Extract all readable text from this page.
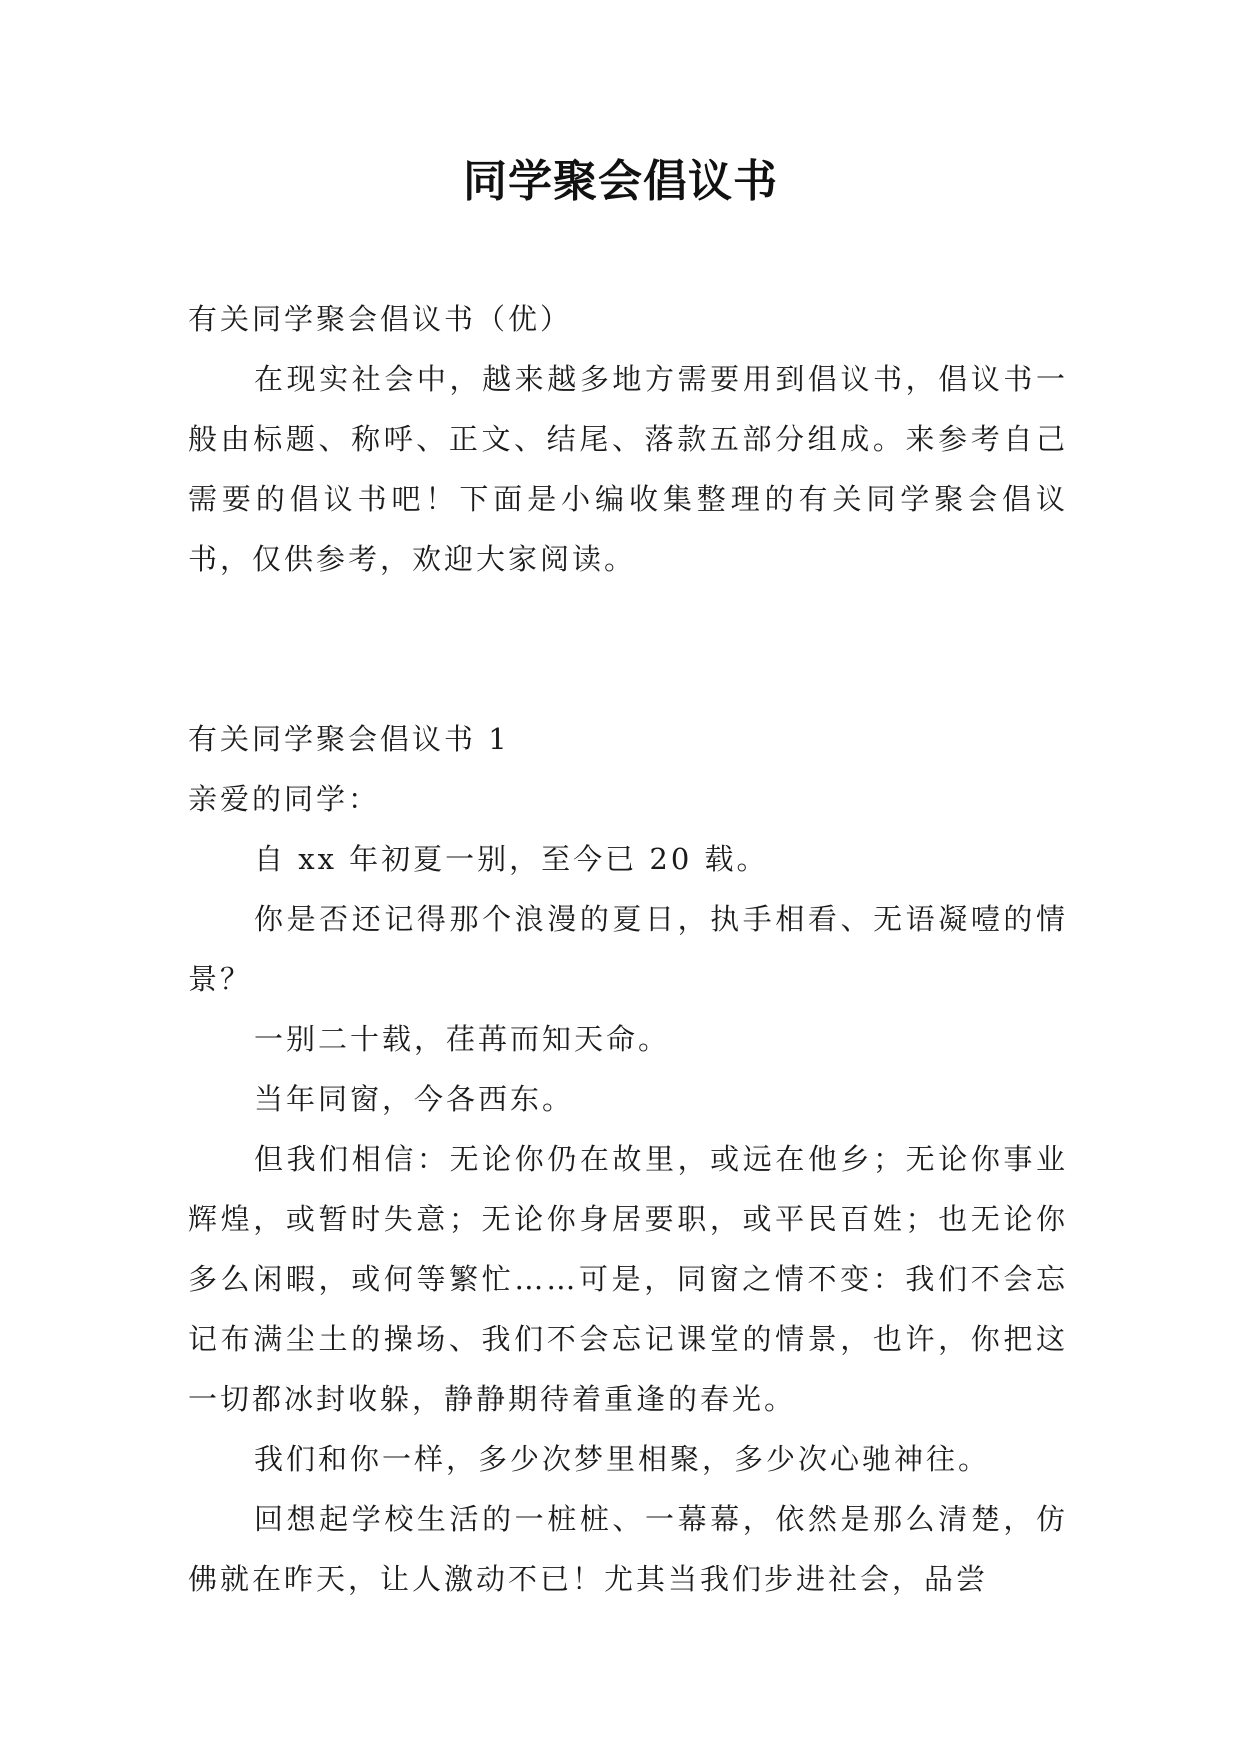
同学聚会倡议书

有关同学聚会倡议书（优）

在现实社会中，越来越多地方需要用到倡议书，倡议书一般由标题、称呼、正文、结尾、落款五部分组成。来参考自己需要的倡议书吧！下面是小编收集整理的有关同学聚会倡议书，仅供参考，欢迎大家阅读。

有关同学聚会倡议书 1

亲爱的同学：

自 xx 年初夏一别，至今已 20 载。

你是否还记得那个浪漫的夏日，执手相看、无语凝噎的情景？

一别二十载，荏苒而知天命。

当年同窗，今各西东。

但我们相信：无论你仍在故里，或远在他乡；无论你事业辉煌，或暂时失意；无论你身居要职，或平民百姓；也无论你多么闲暇，或何等繁忙……可是，同窗之情不变：我们不会忘记布满尘土的操场、我们不会忘记课堂的情景，也许，你把这一切都冰封收躲，静静期待着重逢的春光。

我们和你一样，多少次梦里相聚，多少次心驰神往。

回想起学校生活的一桩桩、一幕幕，依然是那么清楚，仿佛就在昨天，让人激动不已！尤其当我们步进社会，品尝
